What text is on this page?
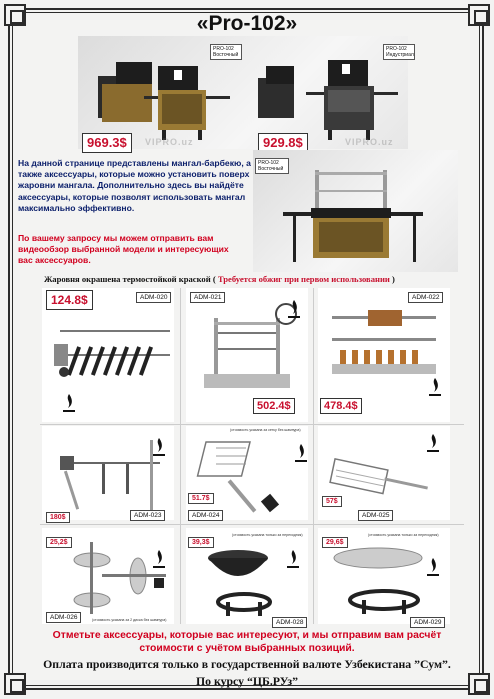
«Pro-102»
969.3$
PRO-102 Восточный
929.8$
PRO-102 Индустриал
VIPRO.uz	VIPRO.uz
PRO-102 Восточный
На данной странице представлены мангал-барбекю, а также аксессуары, которые можно установить поверх жаровни мангала. Дополнительно здесь вы найдёте аксессуары, которые позволят использовать мангал максимально эффективно.
По вашему запросу мы можем отправить вам видеообзор выбранной модели и интересующих вас аксессуаров.
Жаровня окрашена термостойкой краской ( Требуется обжиг при первом использовании )
124.8$	ADM-020	ADM-021
502.4$
ADM-022
478.4$
180$	ADM-023
(стоимость указана за сетку без шампура)
51.7$
ADM-024
57$
ADM-025
25,2$
(стоимость указана за 2 диска без шампура)
ADM-026
39,3$
(стоимость указана только за переходник)
ADM-028
29,6$
(стоимость указана только за переходник)
ADM-029
Отметьте аксессуары, которые вас интересуют, и мы отправим вам расчёт стоимости с учётом выбранных позиций.
Оплата производится только в государственной валюте Узбекистана ”Сум”.
По курсу “ЦБ.РУз”
